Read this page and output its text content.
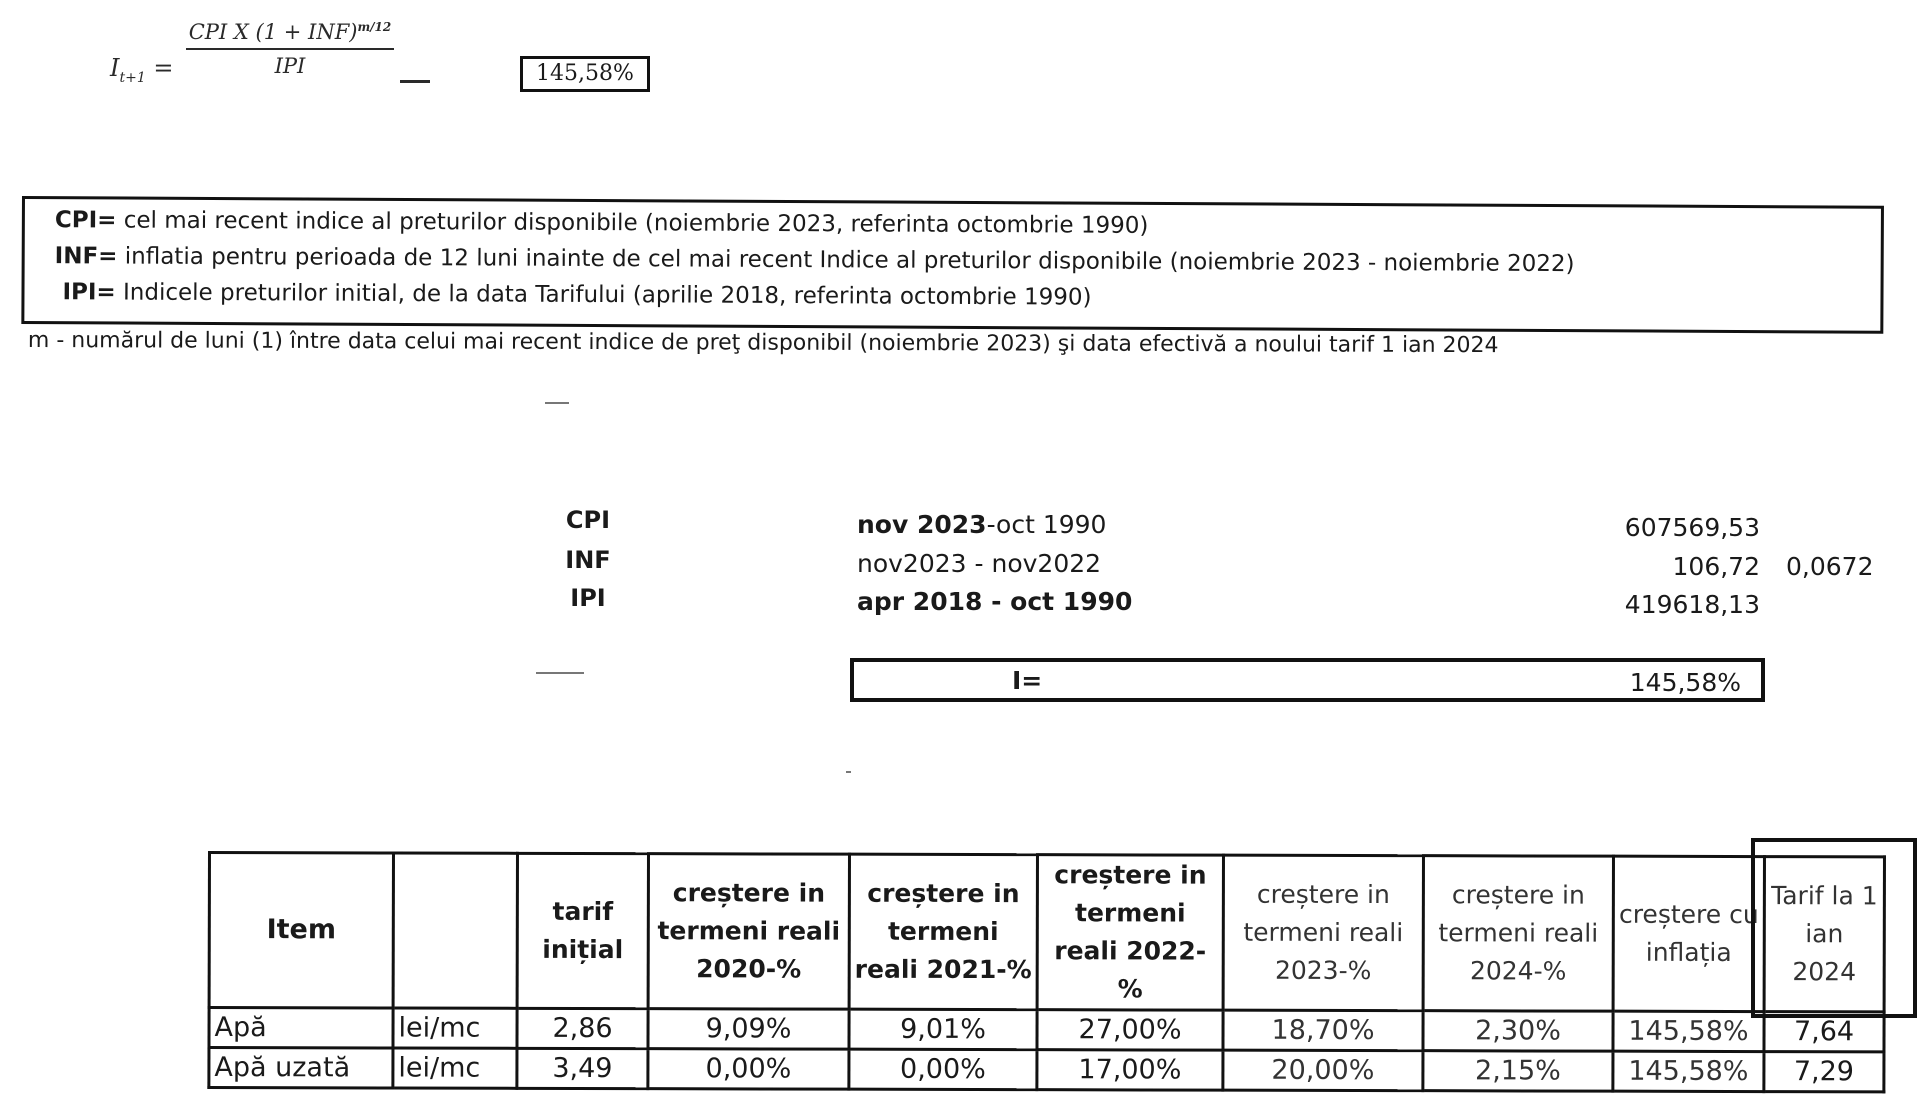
$I_{t+1}$ =
CPI X (1 + INF)$^{m/12}$
IPI	145,58%
CPI= cel mai recent indice al preturilor disponibile (noiembrie 2023, referinta octombrie 1990)
INF= inflatia pentru perioada de 12 luni inainte de cel mai recent Indice al preturilor disponibile (noiembrie 2023 - noiembrie 2022)
IPI= Indicele preturilor initial, de la data Tarifului (aprilie 2018, referinta octombrie 1990)
m - numărul de luni (1) între data celui mai recent indice de preţ disponibil (noiembrie 2023) şi data efectivă a noului tarif 1 ian 2024
CPI	nov 2023-oct 1990	607569,53
INF	nov2023 - nov2022	106,72 0,0672
IPI	apr 2018 - oct 1990	419618,13
I=	145,58%
Item		tarif inițial	creștere in termeni reali 2020-%	creștere in termeni reali 2021-%	creștere in termeni reali 2022-%	creștere in termeni reali 2023-%	creștere in termeni reali 2024-%	creștere cu inflația	Tarif la 1 ian 2024
Apă	lei/mc	2,86	9,09%	9,01%	27,00%	18,70%	2,30%	145,58%	7,64
Apă uzată	lei/mc	3,49	0,00%	0,00%	17,00%	20,00%	2,15%	145,58%	7,29
